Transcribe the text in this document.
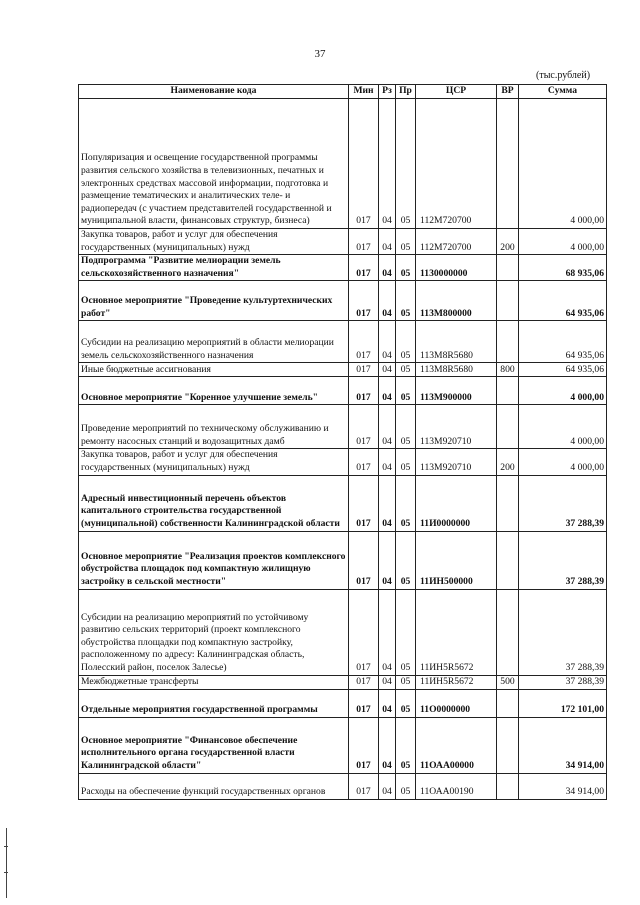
37
(тыс.рублей)
Наименование кода	Мин	Рз	Пр	ЦСР	ВР	Сумма
Популяризация и освещение государственной программы развития сельского хозяйства в телевизионных, печатных и электронных средствах массовой информации, подготовка и размещение тематических и аналитических теле- и радиопередач (с участием представителей государственной и муниципальной власти, финансовых структур, бизнеса)	017	04	05	112М720700		4 000,00
Закупка товаров, работ и услуг для обеспечения государственных (муниципальных) нужд	017	04	05	112М720700	200	4 000,00
Подпрограмма "Развитие мелиорации земель сельскохозяйственного назначения"	017	04	05	1130000000		68 935,06
Основное мероприятие "Проведение культуртехнических работ"	017	04	05	113М800000		64 935,06
Субсидии на реализацию мероприятий в области мелиорации земель сельскохозяйственного назначения	017	04	05	113М8R5680		64 935,06
Иные бюджетные ассигнования	017	04	05	113М8R5680	800	64 935,06
Основное мероприятие "Коренное улучшение земель"	017	04	05	113М900000		4 000,00
Проведение мероприятий по техническому обслуживанию и ремонту насосных станций и водозащитных дамб	017	04	05	113М920710		4 000,00
Закупка товаров, работ и услуг для обеспечения государственных (муниципальных) нужд	017	04	05	113М920710	200	4 000,00
Адресный инвестиционный перечень объектов капитального строительства государственной (муниципальной) собственности Калининградской области	017	04	05	11И0000000		37 288,39
Основное мероприятие "Реализация проектов комплексного обустройства площадок под компактную жилищную застройку в сельской местности"	017	04	05	11ИН500000		37 288,39
Субсидии на реализацию мероприятий по устойчивому развитию сельских территорий (проект комплексного обустройства площадки под компактную застройку, расположенному по адресу: Калининградская область, Полесский район, поселок Залесье)	017	04	05	11ИН5R5672		37 288,39
Межбюджетные трансферты	017	04	05	11ИН5R5672	500	37 288,39
Отдельные мероприятия государственной программы	017	04	05	11О0000000		172 101,00
Основное мероприятие "Финансовое обеспечение исполнительного органа государственной власти Калининградской области"	017	04	05	11ОАА00000		34 914,00
Расходы на обеспечение функций государственных органов	017	04	05	11ОАА00190		34 914,00
